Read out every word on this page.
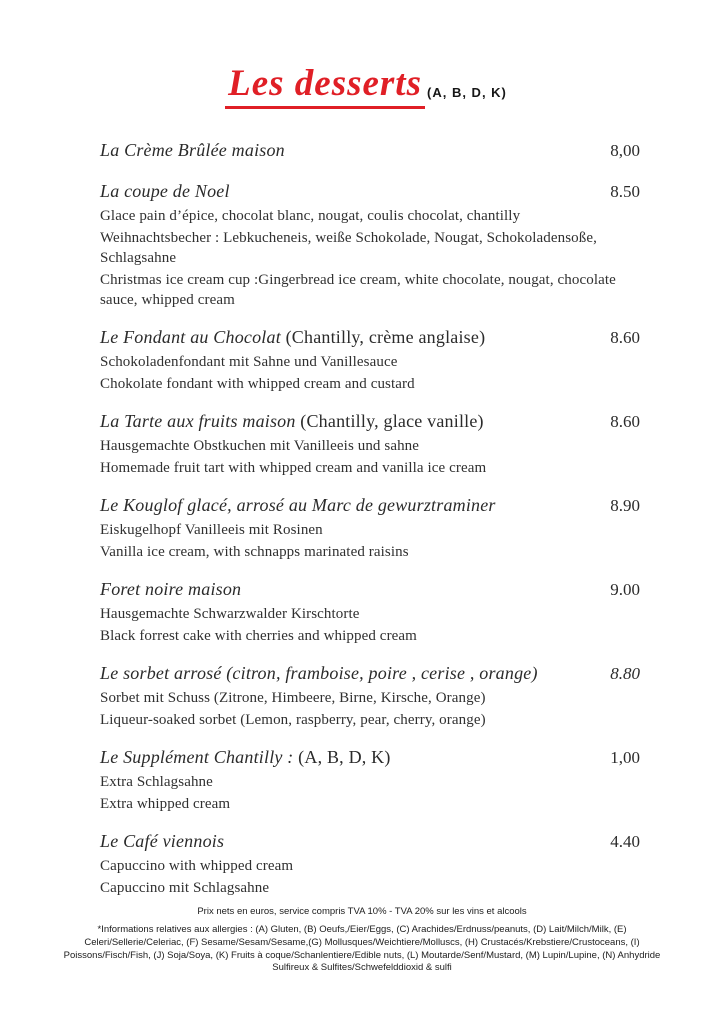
Les desserts (A, B, D, K)
La Crème Brûlée maison	8,00
La coupe de Noel	8.50
Glace pain d’épice, chocolat blanc, nougat, coulis chocolat, chantilly
Weihnachtsbecher : Lebkucheneis, weiße Schokolade, Nougat, Schokoladensoße, Schlagsahne
Christmas ice cream cup :Gingerbread ice cream, white chocolate, nougat, chocolate sauce, whipped cream
Le Fondant au Chocolat (Chantilly, crème anglaise)	8.60
Schokoladenfondant mit Sahne und Vanillesauce
Chokolate fondant with whipped cream and custard
La Tarte aux fruits maison (Chantilly, glace vanille)	8.60
Hausgemachte Obstkuchen mit Vanilleeis und sahne
Homemade fruit tart with whipped cream and vanilla ice cream
Le Kouglof glacé, arrosé au Marc de gewurztraminer	8.90
Eiskugelhopf Vanilleeis mit Rosinen
Vanilla ice cream, with schnapps marinated raisins
Foret noire maison	9.00
Hausgemachte Schwarzwalder Kirschtorte
Black forrest cake with cherries and whipped cream
Le sorbet arrosé (citron, framboise, poire , cerise , orange)	8.80
Sorbet mit Schuss (Zitrone, Himbeere, Birne, Kirsche, Orange)
Liqueur-soaked sorbet (Lemon, raspberry, pear, cherry, orange)
Le Supplément Chantilly : (A, B, D, K)	1,00
Extra Schlagsahne
Extra whipped cream
Le Café viennois	4.40
Capuccino with whipped cream
Capuccino mit Schlagsahne
Prix nets en euros, service compris TVA 10% - TVA 20% sur les vins et alcools
*Informations relatives aux allergies : (A) Gluten, (B) Oeufs,/Eier/Eggs, (C) Arachides/Erdnuss/peanuts, (D) Lait/Milch/Milk, (E) Celeri/Sellerie/Celeriac, (F) Sesame/Sesam/Sesame,(G) Mollusques/Weichtiere/Molluscs, (H) Crustacés/Krebstiere/Crustoceans, (I) Poissons/Fisch/Fish, (J) Soja/Soya, (K) Fruits à coque/Schanlentiere/Edible nuts, (L) Moutarde/Senf/Mustard, (M) Lupin/Lupine, (N) Anhydride Sulfireux & Sulfites/Schwefelddioxid & sulfi
